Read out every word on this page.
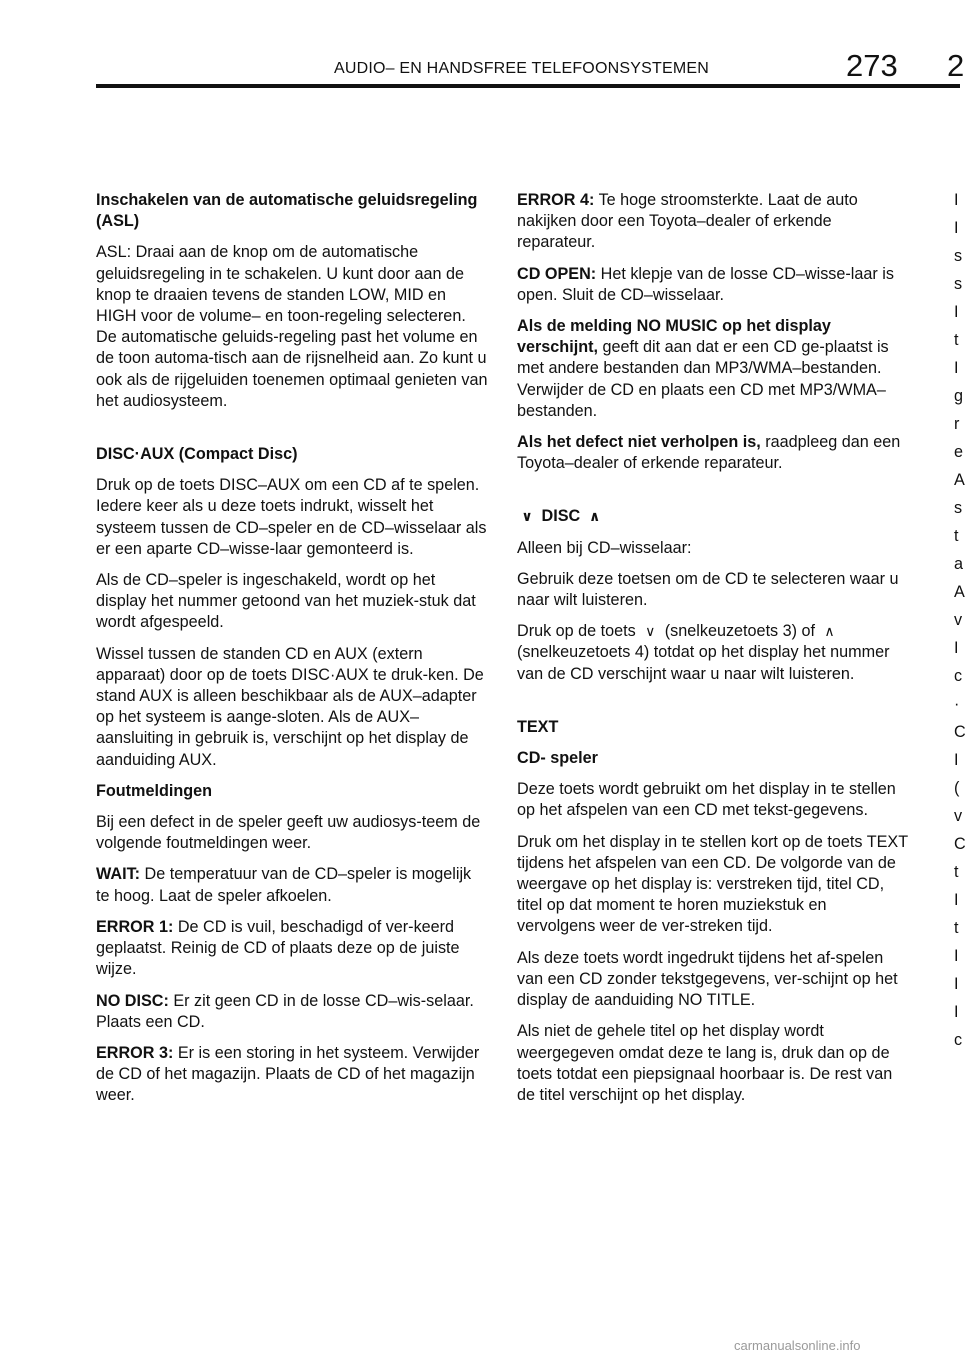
AUDIO– EN HANDSFREE TELEFOONSYSTEMEN	273 2

Inschakelen van de automatische geluidsregeling (ASL)

ASL: Draai aan de knop om de automatische geluidsregeling in te schakelen. U kunt door aan de knop te draaien tevens de standen LOW, MID en HIGH voor de volume– en toon-regeling selecteren. De automatische geluids-regeling past het volume en de toon automa-tisch aan de rijsnelheid aan. Zo kunt u ook als de rijgeluiden toenemen optimaal genieten van het audiosysteem.

DISC·AUX (Compact Disc)

Druk op de toets DISC–AUX om een CD af te spelen. Iedere keer als u deze toets indrukt, wisselt het systeem tussen de CD–speler en de CD–wisselaar als er een aparte CD–wisse-laar gemonteerd is.

Als de CD–speler is ingeschakeld, wordt op het display het nummer getoond van het muziek-stuk dat wordt afgespeeld.

Wissel tussen de standen CD en AUX (extern apparaat) door op de toets DISC·AUX te druk-ken. De stand AUX is alleen beschikbaar als de AUX–adapter op het systeem is aange-sloten. Als de AUX–aansluiting in gebruik is, verschijnt op het display de aanduiding AUX.

Foutmeldingen

Bij een defect in de speler geeft uw audiosys-teem de volgende foutmeldingen weer.

WAIT: De temperatuur van de CD–speler is mogelijk te hoog. Laat de speler afkoelen.

ERROR 1: De CD is vuil, beschadigd of ver-keerd geplaatst. Reinig de CD of plaats deze op de juiste wijze.

NO DISC: Er zit geen CD in de losse CD–wis-selaar. Plaats een CD.

ERROR 3: Er is een storing in het systeem. Verwijder de CD of het magazijn. Plaats de CD of het magazijn weer.

ERROR 4: Te hoge stroomsterkte. Laat de auto nakijken door een Toyota–dealer of erkende reparateur.

CD OPEN: Het klepje van de losse CD–wisse-laar is open. Sluit de CD–wisselaar.

Als de melding NO MUSIC op het display verschijnt, geeft dit aan dat er een CD ge-plaatst is met andere bestanden dan MP3/WMA–bestanden. Verwijder de CD en plaats een CD met MP3/WMA–bestanden.

Als het defect niet verholpen is, raadpleeg dan een Toyota–dealer of erkende reparateur.

∨ DISC ∧

Alleen bij CD–wisselaar:

Gebruik deze toetsen om de CD te selecteren waar u naar wilt luisteren.

Druk op de toets ∨ (snelkeuzetoets 3) of ∧
(snelkeuzetoets 4) totdat op het display het nummer van de CD verschijnt waar u naar wilt luisteren.

TEXT

CD- speler

Deze toets wordt gebruikt om het display in te stellen op het afspelen van een CD met tekst-gegevens.

Druk om het display in te stellen kort op de toets TEXT tijdens het afspelen van een CD. De volgorde van de weergave op het display is: verstreken tijd, titel CD, titel op dat moment te horen muziekstuk en vervolgens weer de ver-streken tijd.

Als deze toets wordt ingedrukt tijdens het af-spelen van een CD zonder tekstgegevens, ver-schijnt op het display de aanduiding NO TITLE.

Als niet de gehele titel op het display wordt weergegeven omdat deze te lang is, druk dan op de toets totdat een piepsignaal hoorbaar is. De rest van de titel verschijnt op het display.

I
I
s
s
I
t
I
g
r
e
A
s
t
a
A
v
I
c
·
C
I
(
v
C
t
I
t
I
I
I
c
carmanualsonline.info
